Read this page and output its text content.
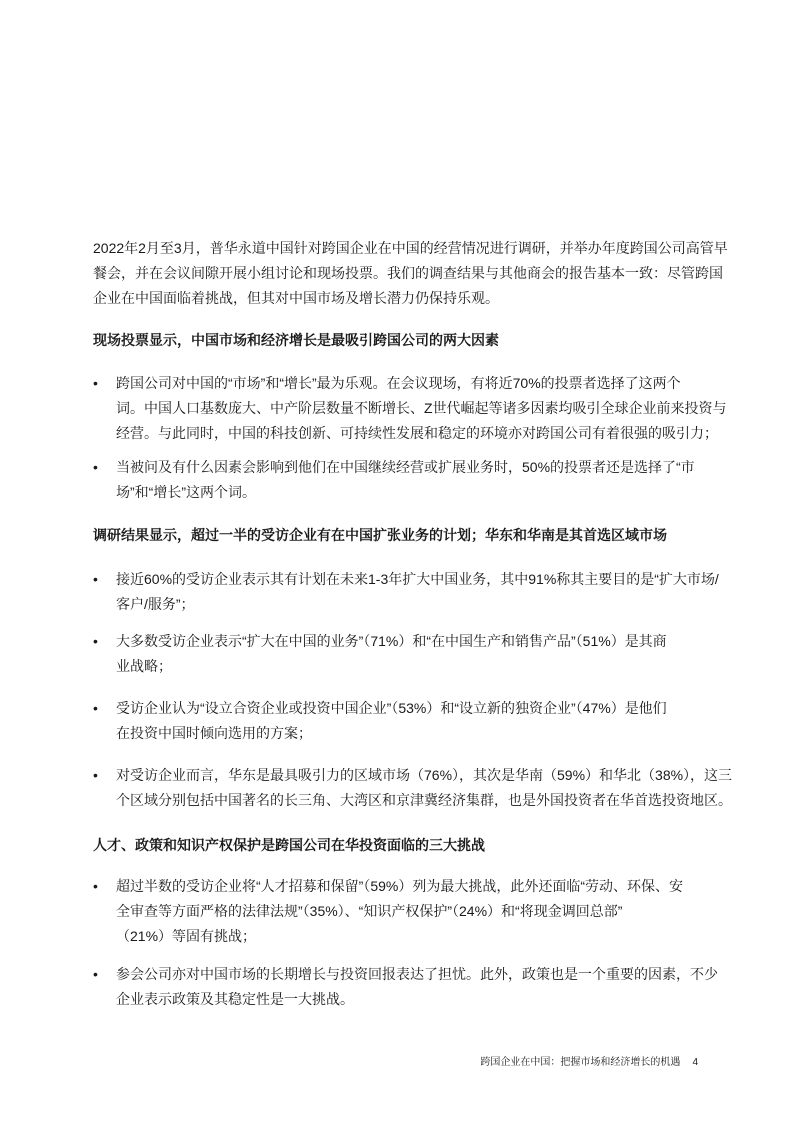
2022年2月至3月，普华永道中国针对跨国企业在中国的经营情况进行调研，并举办年度跨国公司高管早
餐会，并在会议间隙开展小组讨论和现场投票。我们的调查结果与其他商会的报告基本一致：尽管跨国
企业在中国面临着挑战，但其对中国市场及增长潜力仍保持乐观。
现场投票显示，中国市场和经济增长是最吸引跨国公司的两大因素
• 跨国公司对中国的“市场”和“增长”最为乐观。在会议现场，有将近70%的投票者选择了这两个
词。中国人口基数庞大、中产阶层数量不断增长、Z世代崛起等诸多因素均吸引全球企业前来投资与
经营。与此同时，中国的科技创新、可持续性发展和稳定的环境亦对跨国公司有着很强的吸引力；
• 当被问及有什么因素会影响到他们在中国继续经营或扩展业务时，50%的投票者还是选择了“市
场”和“增长”这两个词。
调研结果显示，超过一半的受访企业有在中国扩张业务的计划；华东和华南是其首选区域市场
• 接近60%的受访企业表示其有计划在未来1-3年扩大中国业务，其中91%称其主要目的是“扩大市场/
客户/服务”；
• 大多数受访企业表示“扩大在中国的业务”（71%）和“在中国生产和销售产品”（51%）是其商
业战略；
• 受访企业认为“设立合资企业或投资中国企业”（53%）和“设立新的独资企业”（47%）是他们
在投资中国时倾向选用的方案；
• 对受访企业而言，华东是最具吸引力的区域市场（76%），其次是华南（59%）和华北（38%），这三
个区域分别包括中国著名的长三角、大湾区和京津冀经济集群，也是外国投资者在华首选投资地区。
人才、政策和知识产权保护是跨国公司在华投资面临的三大挑战
• 超过半数的受访企业将“人才招募和保留”（59%）列为最大挑战，此外还面临“劳动、环保、安
全审查等方面严格的法律法规”（35%）、“知识产权保护”（24%）和“将现金调回总部”
（21%）等固有挑战；
• 参会公司亦对中国市场的长期增长与投资回报表达了担忧。此外，政策也是一个重要的因素，不少
企业表示政策及其稳定性是一大挑战。
跨国企业在中国：把握市场和经济增长的机遇 4
